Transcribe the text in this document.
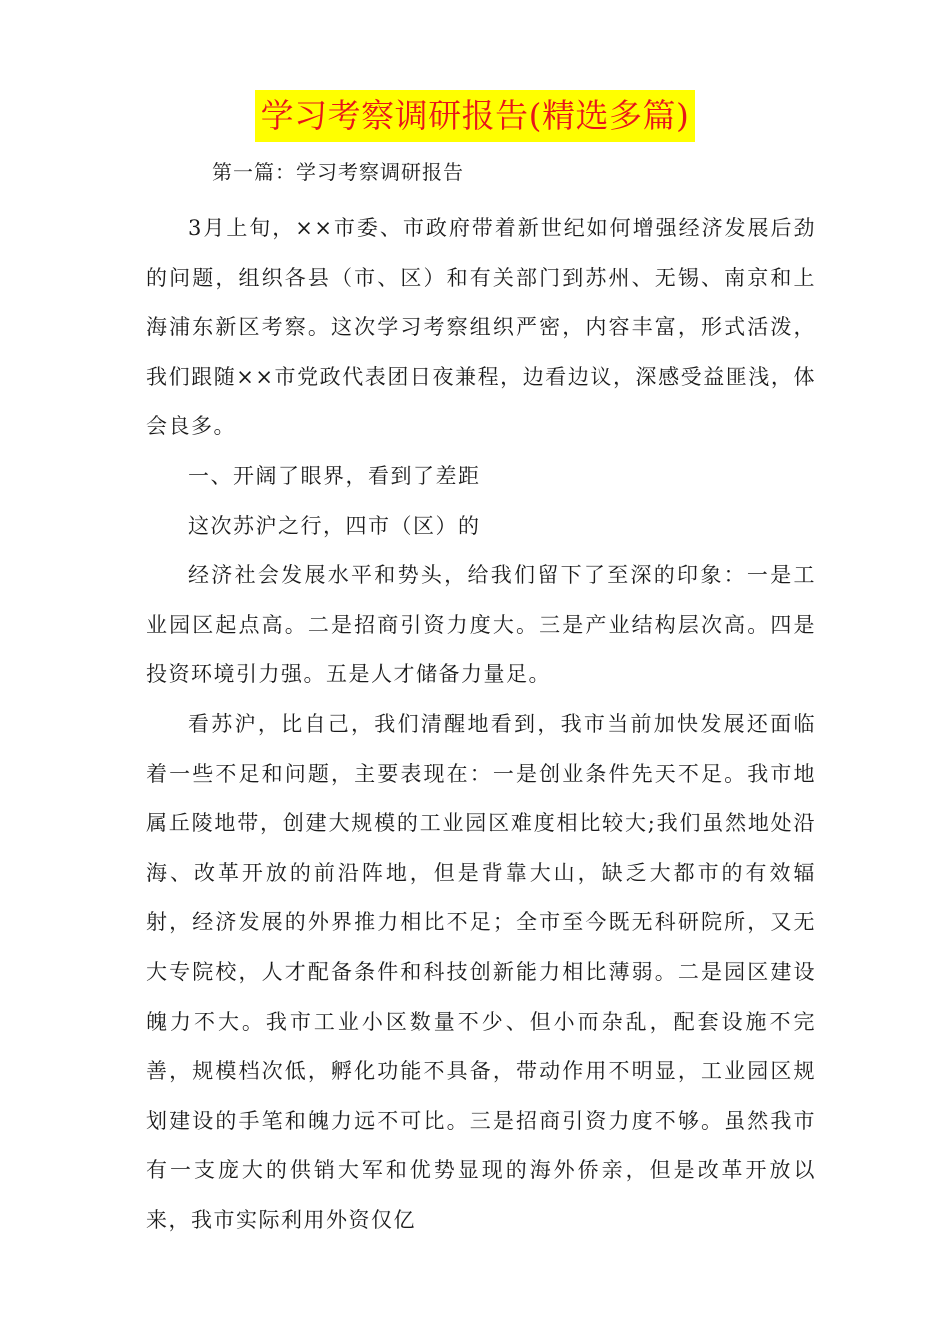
学习考察调研报告(精选多篇)
第一篇：学习考察调研报告

3月上旬，××市委、市政府带着新世纪如何增强经济发展后劲的问题，组织各县（市、区）和有关部门到苏州、无锡、南京和上海浦东新区考察。这次学习考察组织严密，内容丰富，形式活泼，我们跟随××市党政代表团日夜兼程，边看边议，深感受益匪浅，体会良多。

一、开阔了眼界，看到了差距

这次苏沪之行，四市（区）的

经济社会发展水平和势头，给我们留下了至深的印象：一是工业园区起点高。二是招商引资力度大。三是产业结构层次高。四是投资环境引力强。五是人才储备力量足。

看苏沪，比自己，我们清醒地看到，我市当前加快发展还面临着一些不足和问题，主要表现在：一是创业条件先天不足。我市地属丘陵地带，创建大规模的工业园区难度相比较大;我们虽然地处沿海、改革开放的前沿阵地，但是背靠大山，缺乏大都市的有效辐射，经济发展的外界推力相比不足；全市至今既无科研院所，又无大专院校，人才配备条件和科技创新能力相比薄弱。二是园区建设魄力不大。我市工业小区数量不少、但小而杂乱，配套设施不完善，规模档次低，孵化功能不具备，带动作用不明显，工业园区规划建设的手笔和魄力远不可比。三是招商引资力度不够。虽然我市有一支庞大的供销大军和优势显现的海外侨亲，但是改革开放以来，我市实际利用外资仅亿
